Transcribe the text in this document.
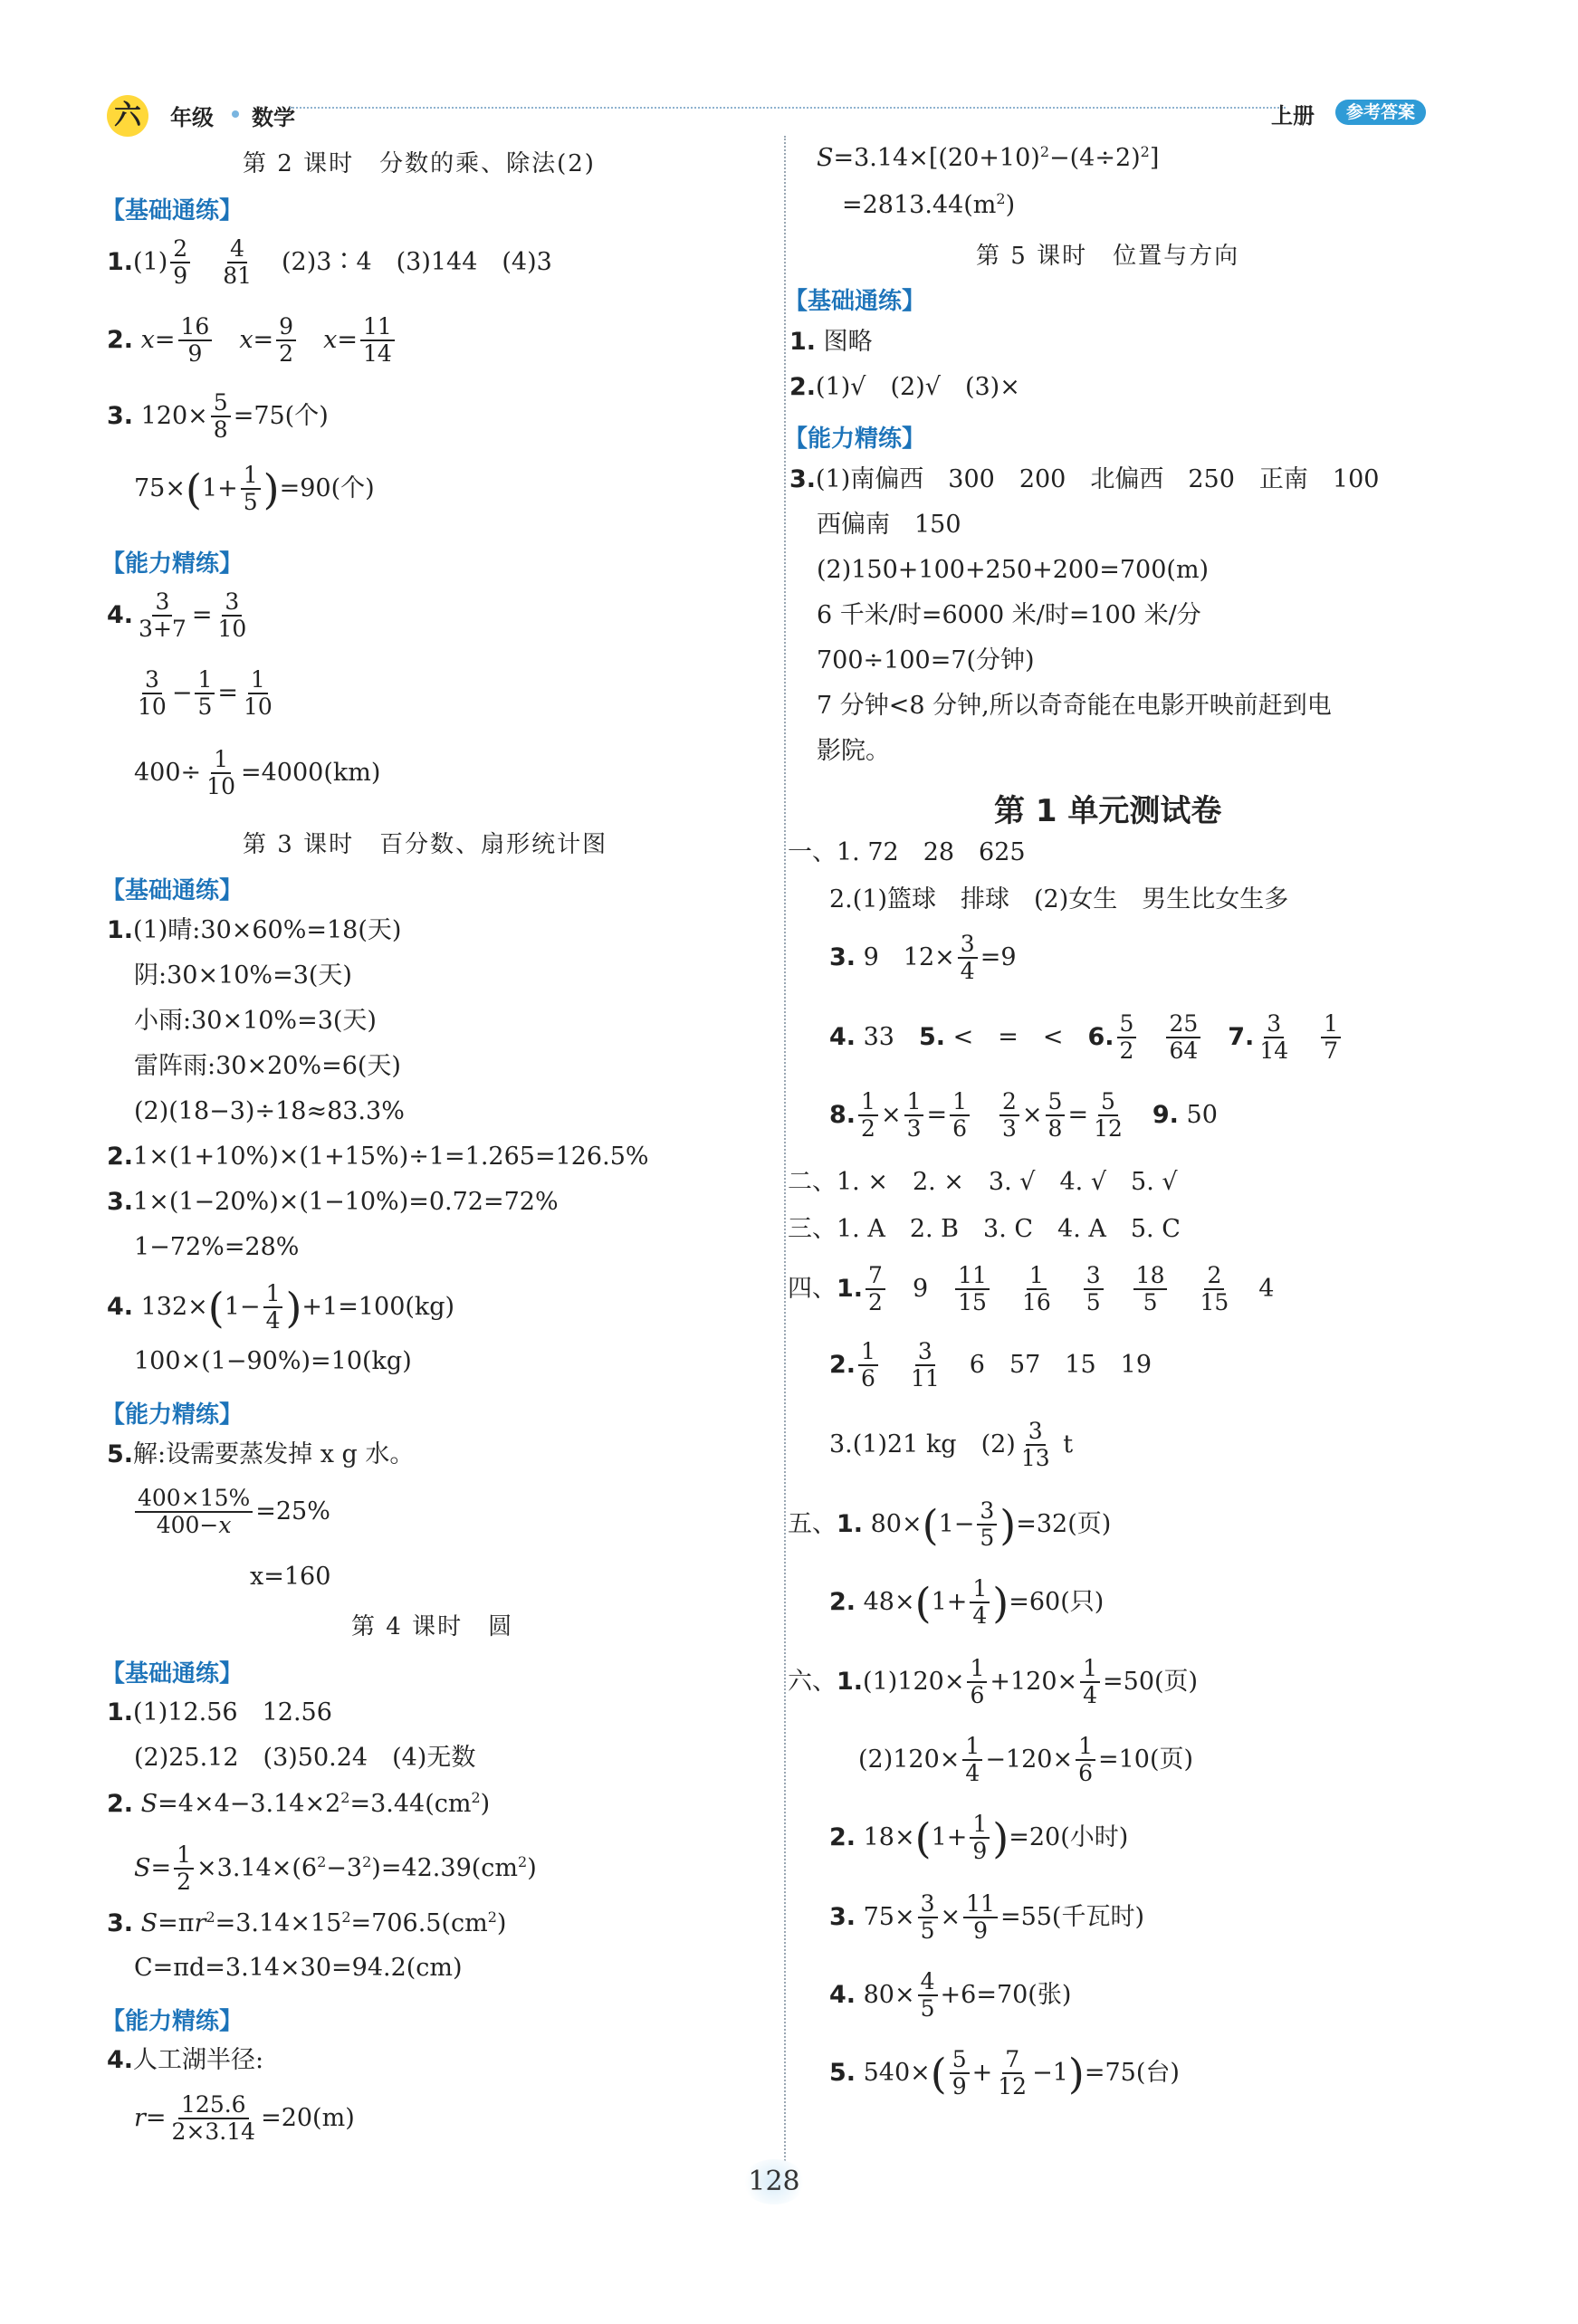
六	年级 数学	上册	参考答案
第 2 课时　分数的乘、除法(2)
【基础通练】
$1.(1) \frac{2}{9}$
　 $\frac{4}{81}$ 　(2)3∶4　(3)144　(4)3
2. $x= \frac{16}{9}$
　 $x= \frac{9}{2}$
　 $x= \frac{11}{14}$
3. $120\times \frac{5}{8} =75$(个)
$75\times(1+ \frac{1}{5} )=90$(个)
【能力精练】
4. $\frac{3}{3+7} = \frac{3}{10}$
$\frac{3}{10} - \frac{1}{5} = \frac{1}{10}$
$400\div \frac{1}{10} =4000(km)$
第 3 课时　百分数、扇形统计图
【基础通练】
1.(1)晴:30×60%=18(天)
阴:30×10%=3(天)
小雨:30×10%=3(天)
雷阵雨:30×20%=6(天)
(2)(18−3)÷18≈83.3%
2.1×(1+10%)×(1+15%)÷1=1.265=126.5%
3.1×(1−20%)×(1−10%)=0.72=72%
1−72%=28%
4. $132\times(1- \frac{1}{4} )+1=100(kg)$
100×(1−90%)=10(kg)
【能力精练】
5.解:设需要蒸发掉 x g 水。
$\frac{400\times 15\%}{400-x} =25\%$
x=160
第 4 课时　圆
【基础通练】
1.(1)12.56　12.56
(2)25.12　(3)50.24　(4)无数
2. $S=4\times 4-3.14\times 2^2=3.44(cm^2)$
$S= \frac{1}{2} \times 3.14\times(6^2-3^2)=42.39(cm^2)$
3. $S=\pi r^2=3.14\times 15^2=706.5(cm^2)$
C=πd=3.14×30=94.2(cm)
【能力精练】
4.人工湖半径:
$r= \frac{125.6}{2\times 3.14} =20(m)$
$S=3.14\times[(20+10)^2-(4\div 2)^2]$
$=2813.44(m^2)$
第 5 课时　位置与方向
【基础通练】
1. 图略
2.(1)√　(2)√　(3)×
【能力精练】
3.(1)南偏西　300　200　北偏西　250　正南　100
西偏南　150
(2)150+100+250+200=700(m)
6 千米/时=6000 米/时=100 米/分
700÷100=7(分钟)
7 分钟<8 分钟,所以奇奇能在电影开映前赶到电
影院。
第 1 单元测试卷
一、1. 72　28　625
2.(1)篮球　排球　(2)女生　男生比女生多
3. 9　$12\times \frac{3}{4} =9$
4. 33　5. <　=　<　6. $\frac{5}{2}$
　 $\frac{25}{64}$
　 7. $\frac{3}{14}$
　 $\frac{1}{7}$
8. $\frac{1}{2} \times \frac{1}{3} = \frac{1}{6}$
　 $\frac{2}{3} \times \frac{5}{8} = \frac{5}{12}$
　 9. 50
二、1. ×　2. ×　3. √　4. √　5. √
三、1. A　2. B　3. C　4. A　5. C
四、1. $\frac{7}{2}$ 　9　 $\frac{11}{15}$
　 $\frac{1}{16}$
　 $\frac{3}{5}$
　 $\frac{18}{5}$
　 $\frac{2}{15}$ 　4
2. $\frac{1}{6}$
　 $\frac{3}{11}$ 　6　57　15　19
3.(1)21 kg　$(2) \frac{3}{13}$ t
五、1. $80\times(1- \frac{3}{5} )=32$(页)
2. $48\times(1+ \frac{1}{4} )=60$(只)
六、$1.(1)120\times \frac{1}{6} +120\times \frac{1}{4} =50$(页)
$(2)120\times \frac{1}{4} -120\times \frac{1}{6} =10$(页)
2. $18\times(1+ \frac{1}{9} )=20$(小时)
3. $75\times \frac{3}{5} \times \frac{11}{9} =55$(千瓦时)
4. $80\times \frac{4}{5} +6=70$(张)
5. $540\times( \frac{5}{9} + \frac{7}{12} -1)=75$(台)
128
